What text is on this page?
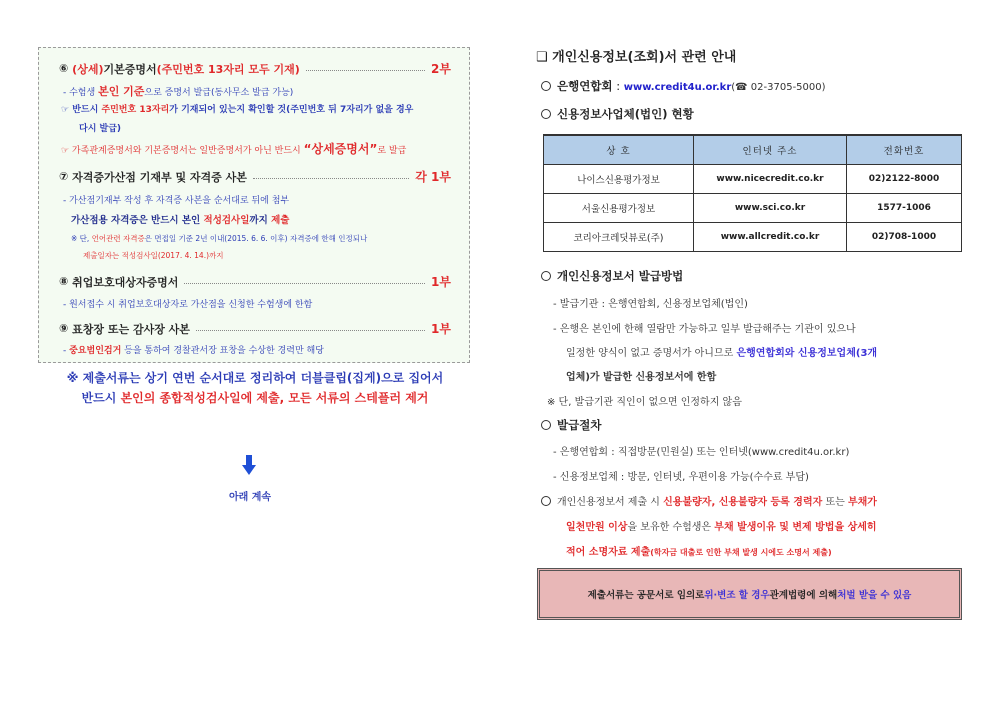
⑥
(상세) 기본증명서 (주민번호 13자리 모두 기재)	2부
- 수험생 본인 기준으로 증명서 발급(동사무소 발급 가능)
☞ 반드시 주민번호 13자리가 기재되어 있는지 확인할 것(주민번호 뒤 7자리가 없을 경우
다시 발급)
☞ 가족관계증명서와 기본증명서는 일반증명서가 아닌 반드시 “상세증명서”로 발급
⑦
자격증가산점 기재부 및 자격증 사본	각 1부
- 가산점기재부 작성 후 자격증 사본을 순서대로 뒤에 첨부
가산점용 자격증은 반드시 본인 적성검사일까지 제출
※ 단, 언어관련 자격증은 면접일 기준 2년 이내(2015. 6. 6. 이후) 자격증에 한해 인정되나
제출일자는 적성검사일(2017. 4. 14.)까지
⑧
취업보호대상자증명서	1부
- 원서접수 시 취업보호대상자로 가산점을 신청한 수험생에 한함
⑨
표창장 또는 감사장 사본	1부
- 중요범인검거 등을 통하여 경찰관서장 표창을 수상한 경력만 해당
※ 제출서류는 상기 연번 순서대로 정리하여 더블클립(집게)으로 집어서
반드시 본인의 종합적성검사일에 제출, 모든 서류의 스테플러 제거
아래 계속
❑ 개인신용정보(조회)서 관련 안내
은행연합회 : www.credit4u.or.kr(☎ 02-3705-5000)
신용정보사업체(법인) 현황
상 호	인터넷 주소	전화번호
나이스신용평가정보	www.nicecredit.co.kr	02)2122-8000
서울신용평가정보	www.sci.co.kr	1577-1006
코리아크레딧뷰로(주)	www.allcredit.co.kr	02)708-1000
개인신용정보서 발급방법
- 발급기관 : 은행연합회, 신용정보업체(법인)
- 은행은 본인에 한해 열람만 가능하고 일부 발급해주는 기관이 있으나
일정한 양식이 없고 증명서가 아니므로 은행연합회와 신용정보업체(3개
업체)가 발급한 신용정보서에 한함
※ 단, 발급기관 직인이 없으면 인정하지 않음
발급절차
- 은행연합회 : 직접방문(민원실) 또는 인터넷(www.credit4u.or.kr)
- 신용정보업체 : 방문, 인터넷, 우편이용 가능(수수료 부담)
개인신용정보서 제출 시 신용불량자, 신용불량자 등록 경력자 또는 부채가
일천만원 이상을 보유한 수험생은 부채 발생이유 및 변제 방법을 상세히
적어 소명자료 제출(학자금 대출로 인한 부채 발생 시에도 소명서 제출)
제출서류는 공문서로 임의로 위·변조 할 경우 관계법령에 의해 처벌 받을 수 있음
